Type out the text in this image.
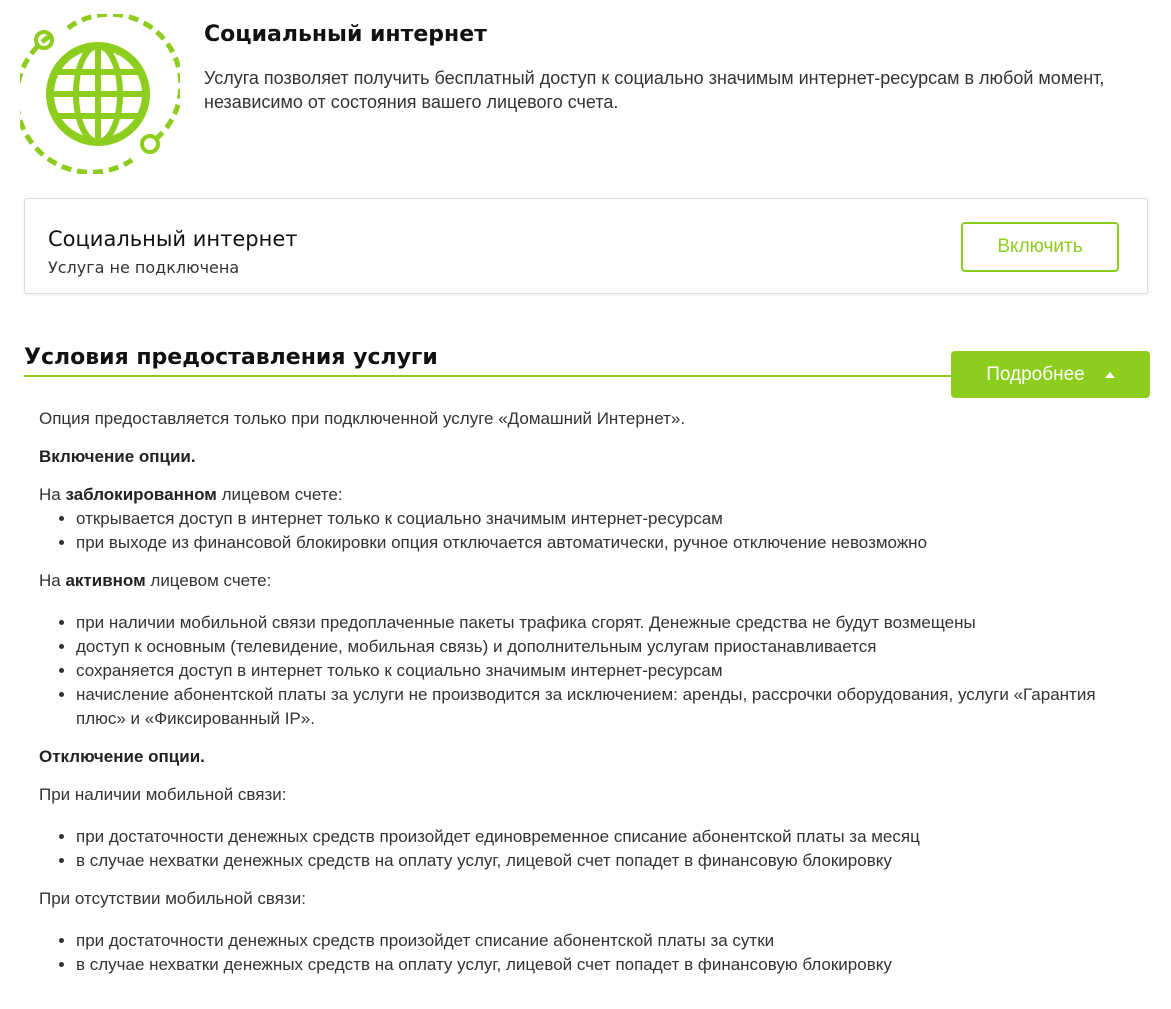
Социальный интернет
Услуга позволяет получить бесплатный доступ к социально значимым интернет-ресурсам в любой момент, независимо от состояния вашего лицевого счета.
Социальный интернет
Услуга не подключена
Включить
Условия предоставления услуги
Подробнее

Опция предоставляется только при подключенной услуге «Домашний Интернет».

Включение опции.

На заблокированном лицевом счете:

• открывается доступ в интернет только к социально значимым интернет-ресурсам
• при выходе из финансовой блокировки опция отключается автоматически, ручное отключение невозможно

На активном лицевом счете:

• при наличии мобильной связи предоплаченные пакеты трафика сгорят. Денежные средства не будут возмещены
• доступ к основным (телевидение, мобильная связь) и дополнительным услугам приостанавливается
• сохраняется доступ в интернет только к социально значимым интернет-ресурсам
• начисление абонентской платы за услуги не производится за исключением: аренды, рассрочки оборудования, услуги «Гарантия плюс» и «Фиксированный IP».

Отключение опции.

При наличии мобильной связи:

• при достаточности денежных средств произойдет единовременное списание абонентской платы за месяц
• в случае нехватки денежных средств на оплату услуг, лицевой счет попадет в финансовую блокировку

При отсутствии мобильной связи:

• при достаточности денежных средств произойдет списание абонентской платы за сутки
• в случае нехватки денежных средств на оплату услуг, лицевой счет попадет в финансовую блокировку
